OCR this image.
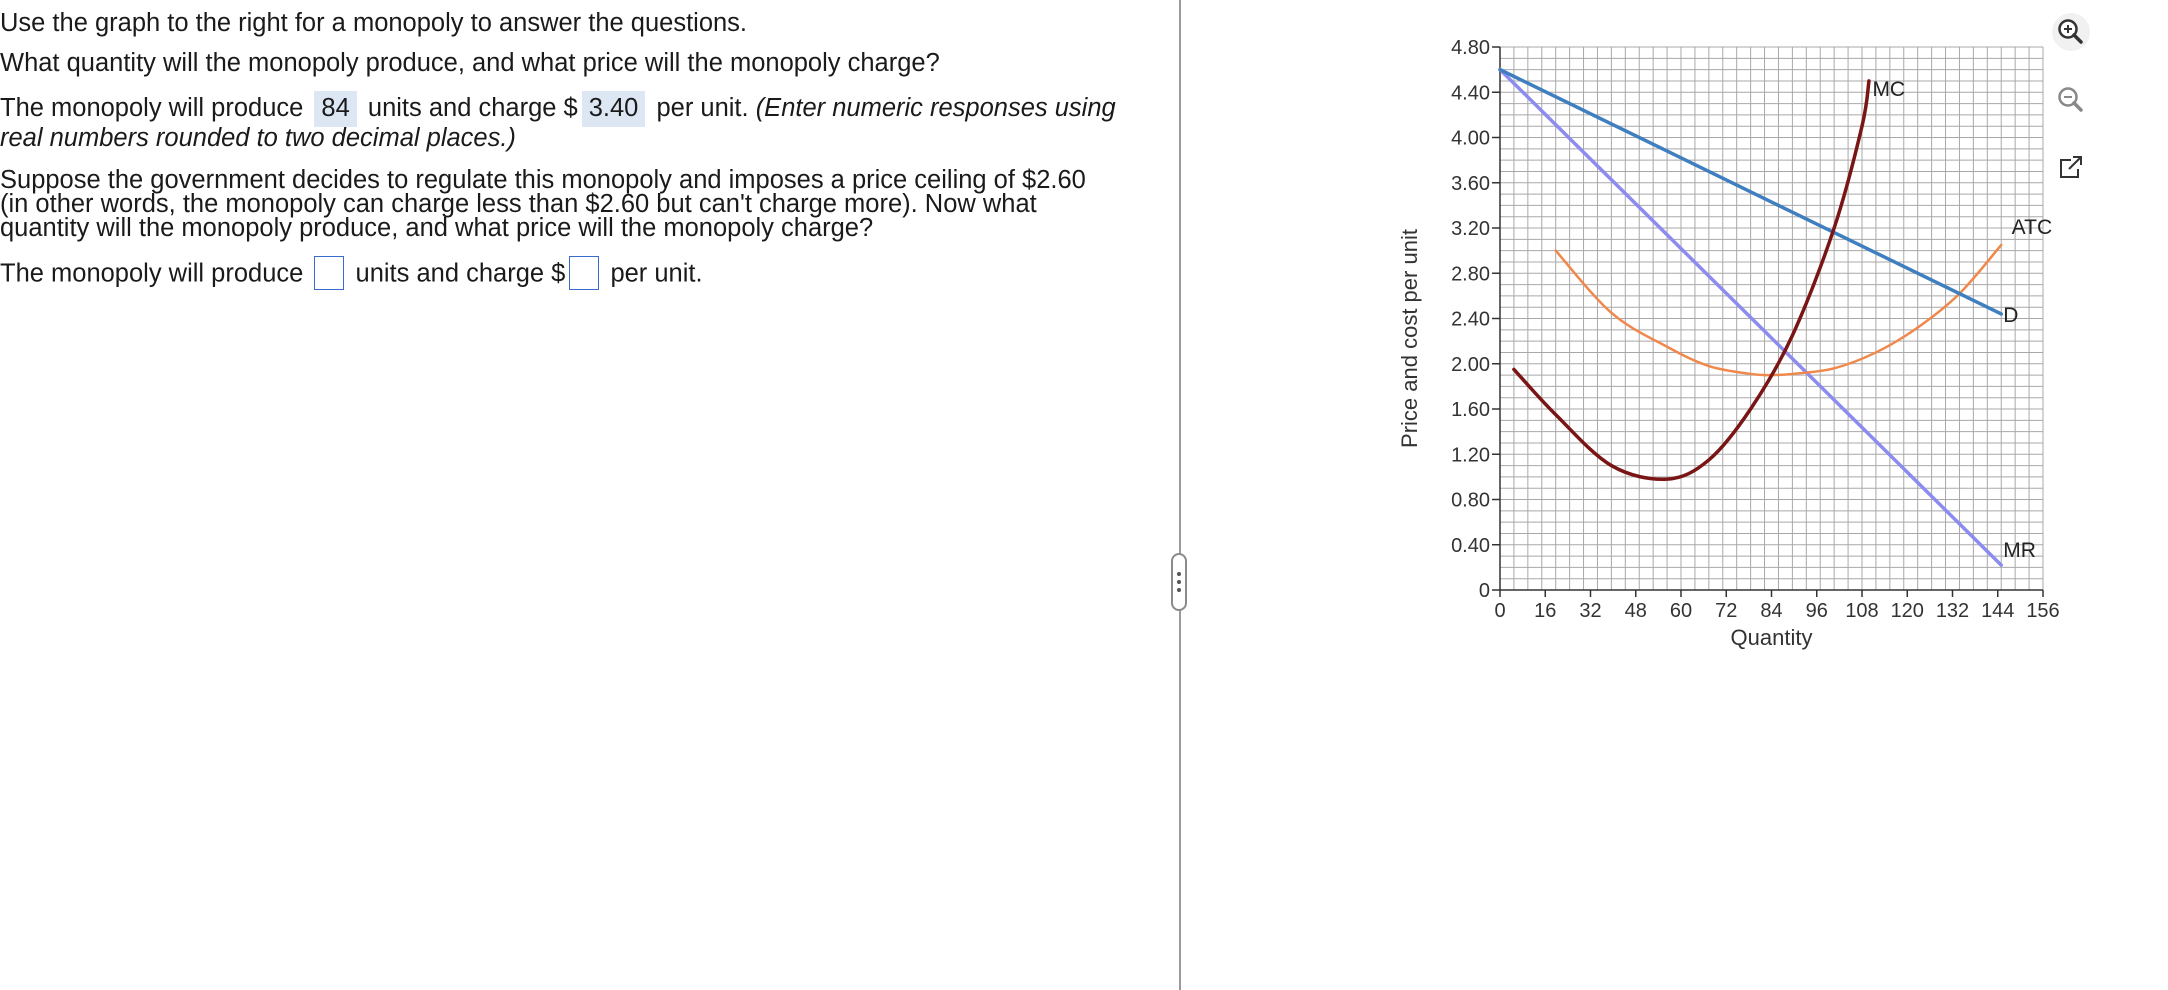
Use the graph to the right for a monopoly to answer the questions.

What quantity will the monopoly produce, and what price will the monopoly charge?

The monopoly will produce 84 units and charge $ 3.40 per unit. (Enter numeric responses using

real numbers rounded to two decimal places.)

Suppose the government decides to regulate this monopoly and imposes a price ceiling of $2.60

(in other words, the monopoly can charge less than $2.60 but can't charge more). Now what

quantity will the monopoly produce, and what price will the monopoly charge?

The monopoly will produce units and charge $ per unit.

0 16 32 48 60 72 84 96 108 120 132 144 156
0
0.40
0.80
1.20
1.60
2.00
2.40
2.80
3.20
3.60
4.00
4.40
4.80
Quantity
Price and cost per unit	D
MR
MC
ATC
